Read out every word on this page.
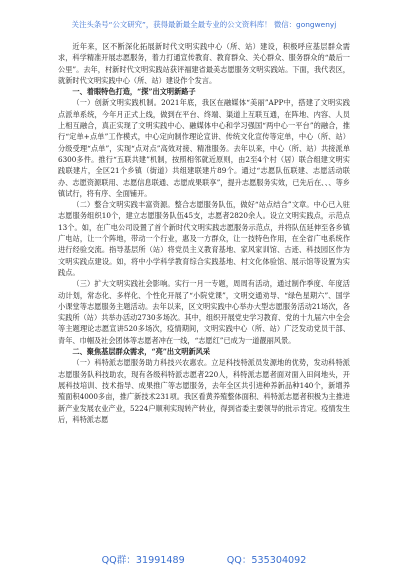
关注头条号“公文研究”，获得最新最全最专业的公文资料库！ 微信：gongwenyj

近年来，区不断深化拓展新时代文明实践中心（所、站）建设，积极呼应基层群众需求，科学精准开展志愿服务，着力打通宣传教育、教育群众、关心群众、服务群众的“最后一公里”。去年，村新时代文明实践站获评福建省最美志愿服务文明实践站。下面，我代表区，就新时代文明实践中心（所、站）建设作个发言。

一、着眼特色打造，“探”出文明新路子

（一）创新文明实践机制。2021年底，我区在融媒体“美丽”APP中，搭建了文明实践点派单系统，今年月正式上线，做到在平台、终端、渠道上互联互通，在阵地、内容、人员上相互融合，真正实现了文明实践中心、融媒体中心和学习强国“两中心一平台”的融合，推行“定单+点单”工作模式，中心定向制作理论宣讲、传统文化宣传等定单，中心（所、站）分级受理“点单”，实现“点对点”高效对接、精准服务。去年以来，中心（所、站）共接派单6300多件。推行“五联共建”机制，按照相邻就近原则，由2至4个村（居）联合组建文明实践联建片，全区21个乡镇（街道）共组建联建片89个。通过“志愿队伍联建、志愿活动联办、志愿资源联用、志愿信息联通、志愿成果联享”，提升志愿服务实效，已先后在、、、等乡镇试行，将有序、全面铺开。

（二）整合文明实践丰富资源。整合志愿服务队伍，做好“站点结合”文章。中心已入驻志愿服务组织10个，建立志愿服务队伍45支，志愿者2820余人。设立文明实践点，示范点13个。如，在广电公司设置了首个新时代文明实践志愿服务示范点，并将队伍延伸至各乡镇广电站，让一个阵地，带动一个行业，惠及一方群众，让一技特色作用，在全省广电系统作进行经验交流。指导基层所（站）将党员主义教育基地、家风家训馆、古迹、科技园区作为文明实践点建设。如，将中小学科学教育综合实践基地、村文化体验馆、展示馆等设置为实践点。

（三）扩大文明实践社会影响。实行一月一专题，周周有活动，通过制作季度、年度活动计划，常态化、多样化、个性化开展了“小院党课”，文明交通劝导、“绿色星期六”、国学小课堂等志愿服务主题活动。去年以来，区文明实践中心举办大型志愿服务活动21场次，各实践所（站）共举办活动2730多场次。其中，组织开展党史学习教育、党的十九届六中全会等主题理论志愿宣讲520多场次，疫情期间，文明实践中心（所、站）广泛发动党员干部、青年、巾帼及社会团体等志愿者冲在一线，“志愿红”已成为一道靓丽风景。

二、聚焦基层群众需求，“亮”出文明新风采

（一）科特派志愿服务助力科技兴农惠农。立足科技特派员发源地的优势，发动科特派志愿服务队科技助农，现有各级科特派志愿者220人，科特派志愿者面对面入田间地头，开展科技培训、技术指导、成果推广等志愿服务，去年全区共引进种养新品种140个，新增养殖面积4000多亩，推广新技术231项。我区看黄养殖整体面积、科特派志愿者积极为主推进新产业发展农业产业，5224户顺利实现转产转业，得到省委主要领导的批示肯定。疫情发生后，科特派志愿

QQ群：31991489	QQ：535304092
